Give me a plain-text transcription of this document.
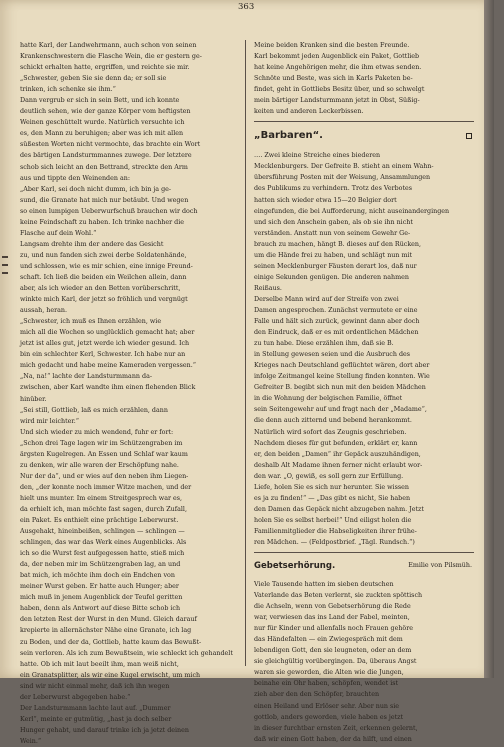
363
hatte Karl, der Landwehrmann, auch schon von seinen
Krankenschwestern die Flasche Wein, die er gestern ge-
schickt erhalten hatte, ergriffen, und reichte sie mir.
„Schwester, geben Sie sie denn da; er soll sie
trinken, ich schenke sie ihm.“
Dann vergrub er sich in sein Bett, und ich konnte
deutlich sehen, wie der ganze Körper vom heftigsten
Weinen geschüttelt wurde. Natürlich versuchte ich
es, den Mann zu beruhigen; aber was ich mit allen
süßesten Worten nicht vermochte, das brachte ein Wort
des bärtigen Landsturmmannes zuwege. Der letztere
schob sich leicht an den Bettrand, streckte den Arm
aus und tippte den Weinenden an:
„Aber Karl, sei doch nicht dumm, ich bin ja ge-
sund, die Granate hat mich nur betäubt. Und wegen
so einen lumpigen Ueberwurfschuß brauchen wir doch
keine Feindschaft zu haben. Ich trinke nachher die
Flasche auf dein Wohl.“
Langsam drehte ihm der andere das Gesicht
zu, und nun fanden sich zwei derbe Soldatenhände,
und schlossen, wie es mir schien, eine innige Freund-
schaft. Ich ließ die beiden ein Weilchen allein, dann
aber, als ich wieder an den Betten vorüberschritt,
winkte mich Karl, der jetzt so fröhlich und vergnügt
aussah, heran.
„Schwester, ich muß es Ihnen erzählen, wie
mich all die Wochen so unglücklich gemacht hat; aber
jetzt ist alles gut, jetzt werde ich wieder gesund. Ich
bin ein schlechter Kerl, Schwester. Ich habe nur an
mich gedacht und habe meine Kameraden vergessen.“
„Na, na!“ lachte der Landsturmmann da-
zwischen, aber Karl wandte ihm einen flehenden Blick
hinüber.
„Sei still, Gottlieb, laß es mich erzählen, dann
wird mir leichter.“
Und sich wieder zu mich wendend, fuhr er fort:
„Schon drei Tage lagen wir im Schützengraben im
ärgsten Kugelregen. An Essen und Schlaf war kaum
zu denken, wir alle waren der Erschöpfung nahe.
Nur der da“, und er wies auf den neben ihm Liegen-
den, „der konnte noch immer Witze machen, und der
hielt uns munter. Im einem Streitgesprech war es,
da erhielt ich, man möchte fast sagen, durch Zufall,
ein Paket. Es enthielt eine prächtige Leberwurst.
Ausgehakt, hineinbeißen, schlingen — schlingen —
schlingen, das war das Werk eines Augenblicks. Als
ich so die Wurst fest aufgegessen hatte, stieß mich
da, der neben mir im Schützengraben lag, an und
bat mich, ich möchte ihm doch ein Endchen von
meiner Wurst geben. Er hatte auch Hunger; aber
mich muß in jenem Augenblick der Teufel geritten
haben, denn als Antwort auf diese Bitte schob ich
den letzten Rest der Wurst in den Mund. Gleich darauf
krepierte in allernächster Nähe eine Granate, ich lag
zu Boden, und der da, Gottlieb, hatte kaum das Bewußt-
sein verloren. Als ich zum Bewußtsein, wie schleckt ich gehandelt
hatte. Ob ich mit laut beeilt ihm, man weiß nicht,
ein Granatsplitter, als wir eine Kugel erwischt, um mich
sind wir nicht einmal mehr, daß ich ihn wegen
der Leberwurst abgegeben habe.“
Der Landsturmmann lachte laut auf. „Dummer
Kerl“, meinte er gutmütig, „hast ja doch selber
Hunger gehabt, und darauf trinke ich ja jetzt deinen
Wein.“
Meine beiden Kranken sind die besten Freunde.
Karl bekommt jeden Augenblick ein Paket, Gottlieb
hat keine Angehörigen mehr, die ihm etwas senden.
Schnöte und Beste, was sich in Karls Paketen be-
findet, geht in Gottliebs Besitz über, und so schwelgt
mein bärtiger Landsturmmann jetzt in Obst, Süßig-
keiten und anderen Leckerbissen.
„Barbaren“.
…. Zwei kleine Streiche eines biederen
Mecklenburgers. Der Gefreite B. stieht an einem Wahn-
übersführung Posten mit der Weisung, Ansammlungen
des Publikums zu verhindern. Trotz des Verbotes
hatten sich wieder etwa 15—20 Belgier dort
eingefunden, die bei Aufforderung, nicht auseinandergingen
und sich den Anschein gaben, als ob sie ihn nicht
verständen. Anstatt nun von seinem Gewehr Ge-
brauch zu machen, hängt B. dieses auf den Rücken,
um die Hände frei zu haben, und schlägt nun mit
seinen Mecklenburger Fäusten derart los, daß nur
einige Sekunden genügen. Die anderen nahmen
Reißaus.
Derselbe Mann wird auf der Streife von zwei
Damen angesprochen. Zunächst vermutete er eine
Falle und hält sich zurück, gewinnt dann aber doch
den Eindruck, daß er es mit ordentlichen Mädchen
zu tun habe. Diese erzählen ihm, daß sie B.
in Stellung gewesen seien und die Ausbruch des
Krieges nach Deutschland geflüchtet wären, dort aber
infolge Zeitmangel keine Stellung finden konnten. Wie
Gefreiter B. begibt sich nun mit den beiden Mädchen
in die Wohnung der belgischen Familie, öffnet
sein Seitengewehr auf und fragt nach der „Madame“,
die denn auch zitternd und bebend herankommt.
Natürlich wird sofort das Zeugnis geschrieben.
Nachdem dieses für gut befunden, erklärt er, kann
er, den beiden „Damen“ ihr Gepäck auszuhändigen,
deshalb Alt Madame ihnen ferner nicht erlaubt wor-
den war. „O, gewiß, es soll gern zur Erfüllung.
Liefe, holen Sie es sich nur herunter. Sie wissen
es ja zu finden!“ — „Das gibt es nicht, Sie haben
den Damen das Gepäck nicht abzugeben nahm. Jetzt
holen Sie es selbst herbei!“ Und eiligst holen die
Familienmitglieder die Habseligkeiten ihrer frühe-
ren Mädchen. — (Feldpostbrief. „Tägl. Rundsch.“)
Gebetserhörung.	Emilie von Pilsmüh.
Viele Tausende hatten im sieben deutschen
Vaterlande das Beten verlernt, sie zuckten spöttisch
die Achseln, wenn von Gebetserhörung die Rede
war, verwiesen das ins Land der Fabel, meinten,
nur für Kinder und allenfalls noch Frauen gehöre
das Händefalten — ein Zwiegespräch mit dem
lebendigen Gott, den sie leugneten, oder an dem
sie gleichgültig vorübergingen. Da, überaus Angst
waren sie geworden, die Alten wie die Jungen,
beinahe ein Ohr haben, schöpfen, wendet ist
zieh aber den den Schöpfer, brauchten
einen Heiland und Erlöser sehr. Aber nun sie
gottlob, anders geworden, viele haben es jetzt
in dieser furchtbar ernsten Zeit, erkennen gelernt,
daß wir einen Gott haben, der da hilft, und einen
